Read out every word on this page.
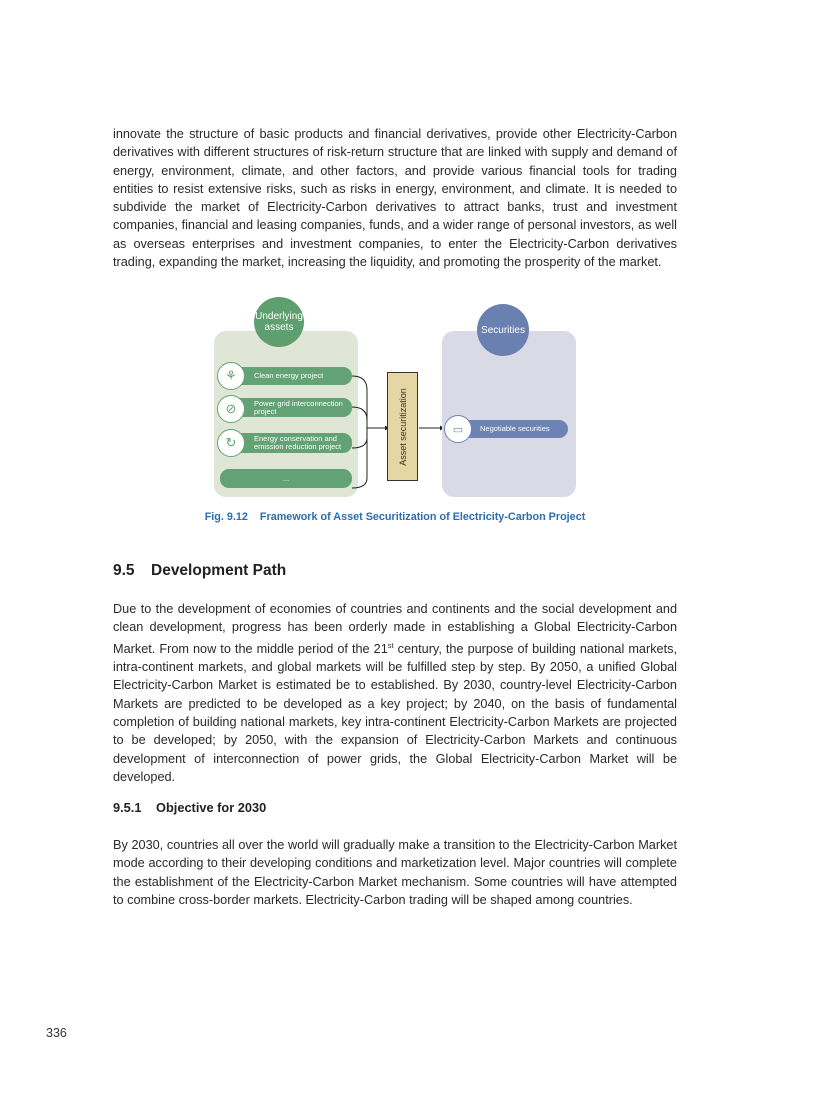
innovate the structure of basic products and financial derivatives, provide other Electricity-Carbon derivatives with different structures of risk-return structure that are linked with supply and demand of energy, environment, climate, and other factors, and provide various financial tools for trading entities to resist extensive risks, such as risks in energy, environment, and climate. It is needed to subdivide the market of Electricity-Carbon derivatives to attract banks, trust and investment companies, financial and leasing companies, funds, and a wider range of personal investors, as well as overseas enterprises and investment companies, to enter the Electricity-Carbon derivatives trading, expanding the market, increasing the liquidity, and promoting the prosperity of the market.

Underlying assets
Clean energy project
Power grid interconnection project
Energy conservation and emission reduction project
...
⚘
⊘
↻	Asset securitization
Securities
Negotiable securities
▭
Fig. 9.12 Framework of Asset Securitization of Electricity-Carbon Project
9.5 Development Path

Due to the development of economies of countries and continents and the social development and clean development, progress has been orderly made in establishing a Global Electricity-Carbon Market. From now to the middle period of the 21st century, the purpose of building national markets, intra-continent markets, and global markets will be fulfilled step by step. By 2050, a unified Global Electricity-Carbon Market is estimated be to established. By 2030, country-level Electricity-Carbon Markets are predicted to be developed as a key project; by 2040, on the basis of fundamental completion of building national markets, key intra-continent Electricity-Carbon Markets are projected to be developed; by 2050, with the expansion of Electricity-Carbon Markets and continuous development of interconnection of power grids, the Global Electricity-Carbon Market will be developed.

9.5.1 Objective for 2030

By 2030, countries all over the world will gradually make a transition to the Electricity-Carbon Market mode according to their developing conditions and marketization level. Major countries will complete the establishment of the Electricity-Carbon Market mechanism. Some countries will have attempted to combine cross-border markets. Electricity-Carbon trading will be shaped among countries.

336
